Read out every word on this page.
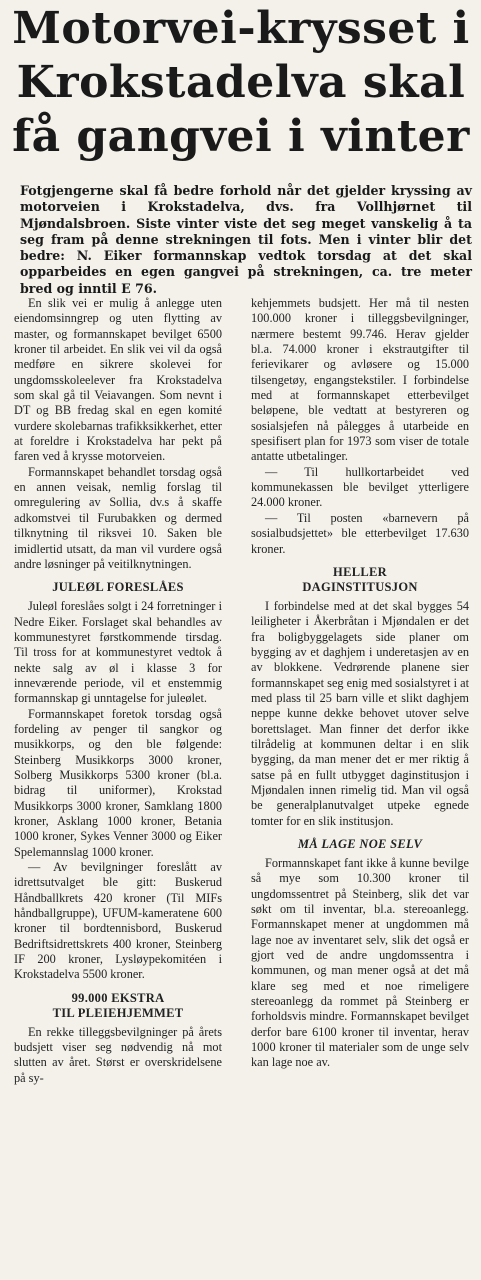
Motorvei-krysset i
Krokstadelva skal
få gangvei i vinter
Fotgjengerne skal få bedre forhold når det gjelder kryssing av motorveien i Krokstadelva, dvs. fra Vollhjørnet til Mjøndalsbroen. Siste vinter viste det seg meget vanskelig å ta seg fram på denne strekningen til fots. Men i vinter blir det bedre: N. Eiker formannskap vedtok torsdag at det skal opparbeides en egen gangvei på strekningen, ca. tre meter bred og inntil E 76.
En slik vei er mulig å anlegge uten eiendomsinngrep og uten flytting av master, og formannskapet bevilget 6500 kroner til arbeidet. En slik vei vil da også medføre en sikrere skolevei for ungdomsskoleelever fra Krokstadelva som skal gå til Veiavangen. Som nevnt i DT og BB fredag skal en egen komité vurdere skolebarnas trafikksikkerhet, etter at foreldre i Krokstadelva har pekt på faren ved å krysse motorveien.
Formannskapet behandlet torsdag også en annen veisak, nemlig forslag til omregulering av Sollia, dv.s å skaffe adkomstvei til Furubakken og dermed tilknytning til riksvei 10. Saken ble imidlertid utsatt, da man vil vurdere også andre løsninger på veitilknytningen.
JULEØL FORESLÅES
Juleøl foreslåes solgt i 24 forretninger i Nedre Eiker. Forslaget skal behandles av kommunestyret førstkommende tirsdag. Til tross for at kommunestyret vedtok å nekte salg av øl i klasse 3 for inneværende periode, vil et enstemmig formannskap gi unntagelse for juleølet.
Formannskapet foretok torsdag også fordeling av penger til sangkor og musikkorps, og den ble følgende: Steinberg Musikkorps 3000 kroner, Solberg Musikkorps 5300 kroner (bl.a. bidrag til uniformer), Krokstad Musikkorps 3000 kroner, Samklang 1800 kroner, Asklang 1000 kroner, Betania 1000 kroner, Sykes Venner 3000 og Eiker Spelemannslag 1000 kroner.
— Av bevilgninger foreslått av idrettsutvalget ble gitt: Buskerud Håndballkrets 420 kroner (Til MIFs håndballgruppe), UFUM-kameratene 600 kroner til bordtennisbord, Buskerud Bedriftsidrettskrets 400 kroner, Steinberg IF 200 kroner, Lysløypekomitéen i Krokstadelva 5500 kroner.
99.000 EKSTRA
TIL PLEIEHJEMMET
En rekke tilleggsbevilgninger på årets budsjett viser seg nødvendig nå mot slutten av året. Størst er overskridelsene på sy-
kehjemmets budsjett. Her må til nesten 100.000 kroner i tilleggsbevilgninger, nærmere bestemt 99.746. Herav gjelder bl.a. 74.000 kroner i ekstrautgifter til ferievikarer og avløsere og 15.000 tilsengetøy, engangstekstiler. I forbindelse med at formannskapet etterbevilget beløpene, ble vedtatt at bestyreren og sosialsjefen nå pålegges å utarbeide en spesifisert plan for 1973 som viser de totale antatte utbetalinger.
— Til hullkortarbeidet ved kommunekassen ble bevilget ytterligere 24.000 kroner.
— Til posten «barnevern på sosialbudsjettet» ble etterbevilget 17.630 kroner.
HELLER
DAGINSTITUSJON
I forbindelse med at det skal bygges 54 leiligheter i Åkerbråtan i Mjøndalen er det fra boligbyggelagets side planer om bygging av et daghjem i underetasjen av en av blokkene. Vedrørende planene sier formannskapet seg enig med sosialstyret i at med plass til 25 barn ville et slikt daghjem neppe kunne dekke behovet utover selve borettslaget. Man finner det derfor ikke tilrådelig at kommunen deltar i en slik bygging, da man mener det er mer riktig å satse på en fullt utbygget daginstitusjon i Mjøndalen innen rimelig tid. Man vil også be generalplanutvalget utpeke egnede tomter for en slik institusjon.
MÅ LAGE NOE SELV
Formannskapet fant ikke å kunne bevilge så mye som 10.300 kroner til ungdomssentret på Steinberg, slik det var søkt om til inventar, bl.a. stereoanlegg. Formannskapet mener at ungdommen må lage noe av inventaret selv, slik det også er gjort ved de andre ungdomssentra i kommunen, og man mener også at det må klare seg med et noe rimeligere stereoanlegg da rommet på Steinberg er forholdsvis mindre. Formannskapet bevilget derfor bare 6100 kroner til inventar, herav 1000 kroner til materialer som de unge selv kan lage noe av.
